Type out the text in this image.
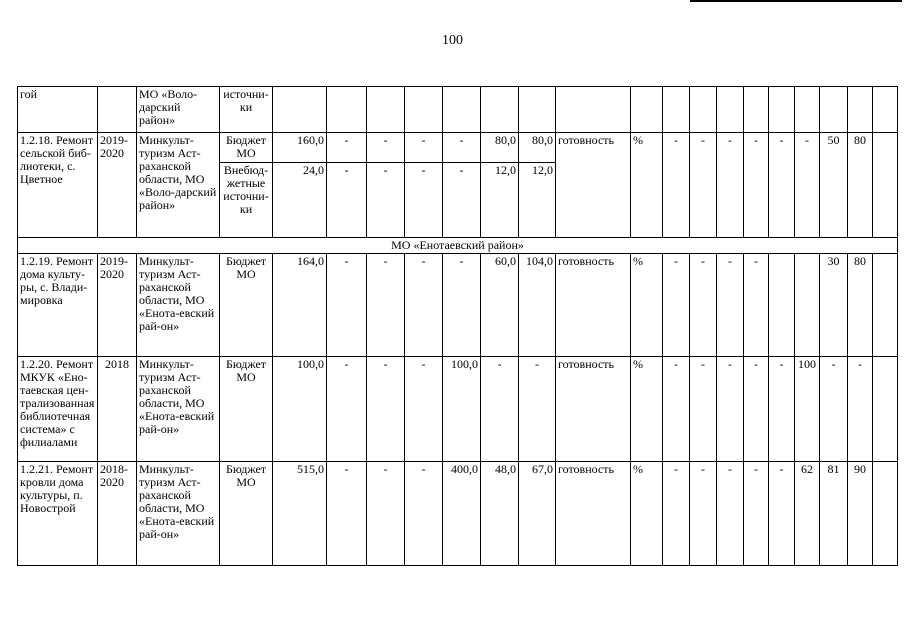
100
гой		МО «Воло-дарский район»	источни-ки																		
1.2.18. Ремонт сельской биб-лиотеки, с. Цветное	2019-2020	Минкульт-туризм Аст-раханской области, МО «Воло-дарский район»	Бюджет МО	160,0	-	-	-	-	80,0	80,0	готовность	%	-	-	-	-	-	-	50	80	
			Внебюд-жетные источни-ки	24,0	-	-	-	-	12,0	12,0											
МО «Енотаевский район»																					
1.2.19. Ремонт дома культу-ры, с. Влади-мировка	2019-2020	Минкульт-туризм Аст-раханской области, МО «Енота-евский рай-он»	Бюджет МО	164,0	-	-	-	-	60,0	104,0	готовность	%	-	-	-	-			30	80	
1.2.20. Ремонт МКУК «Ено-таевская цен-трализованная библиотечная система» с филиалами	2018	Минкульт-туризм Аст-раханской области, МО «Енота-евский рай-он»	Бюджет МО	100,0	-	-	-	100,0	-	-	готовность	%	-	-	-	-	-	100	-	-	
1.2.21. Ремонт кровли дома культуры, п. Новострой	2018-2020	Минкульт-туризм Аст-раханской области, МО «Енота-евский рай-он»	Бюджет МО	515,0	-	-	-	400,0	48,0	67,0	готовность	%	-	-	-	-	-	62	81	90	
